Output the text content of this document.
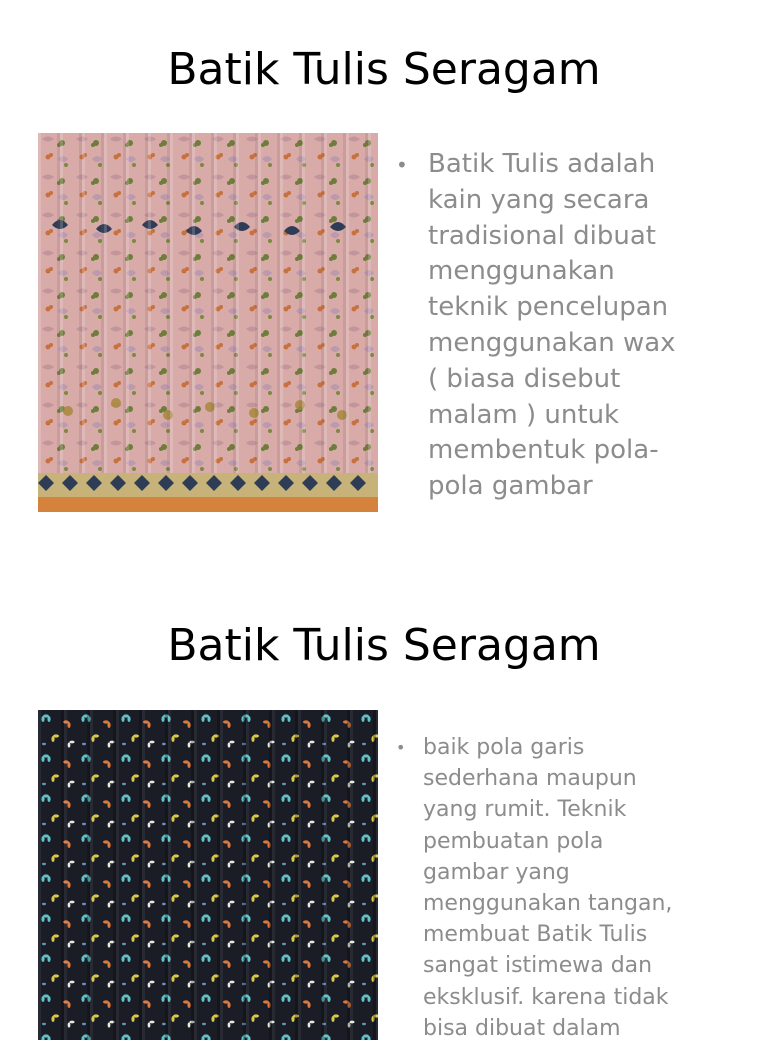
Batik Tulis Seragam
• Batik Tulis adalah
kain yang secara
tradisional dibuat
menggunakan
teknik pencelupan
menggunakan wax
( biasa disebut
malam ) untuk
membentuk pola-
pola gambar
Batik Tulis Seragam
• baik pola garis
sederhana maupun
yang rumit. Teknik
pembuatan pola
gambar yang
menggunakan tangan,
membuat Batik Tulis
sangat istimewa dan
eksklusif. karena tidak
bisa dibuat dalam
